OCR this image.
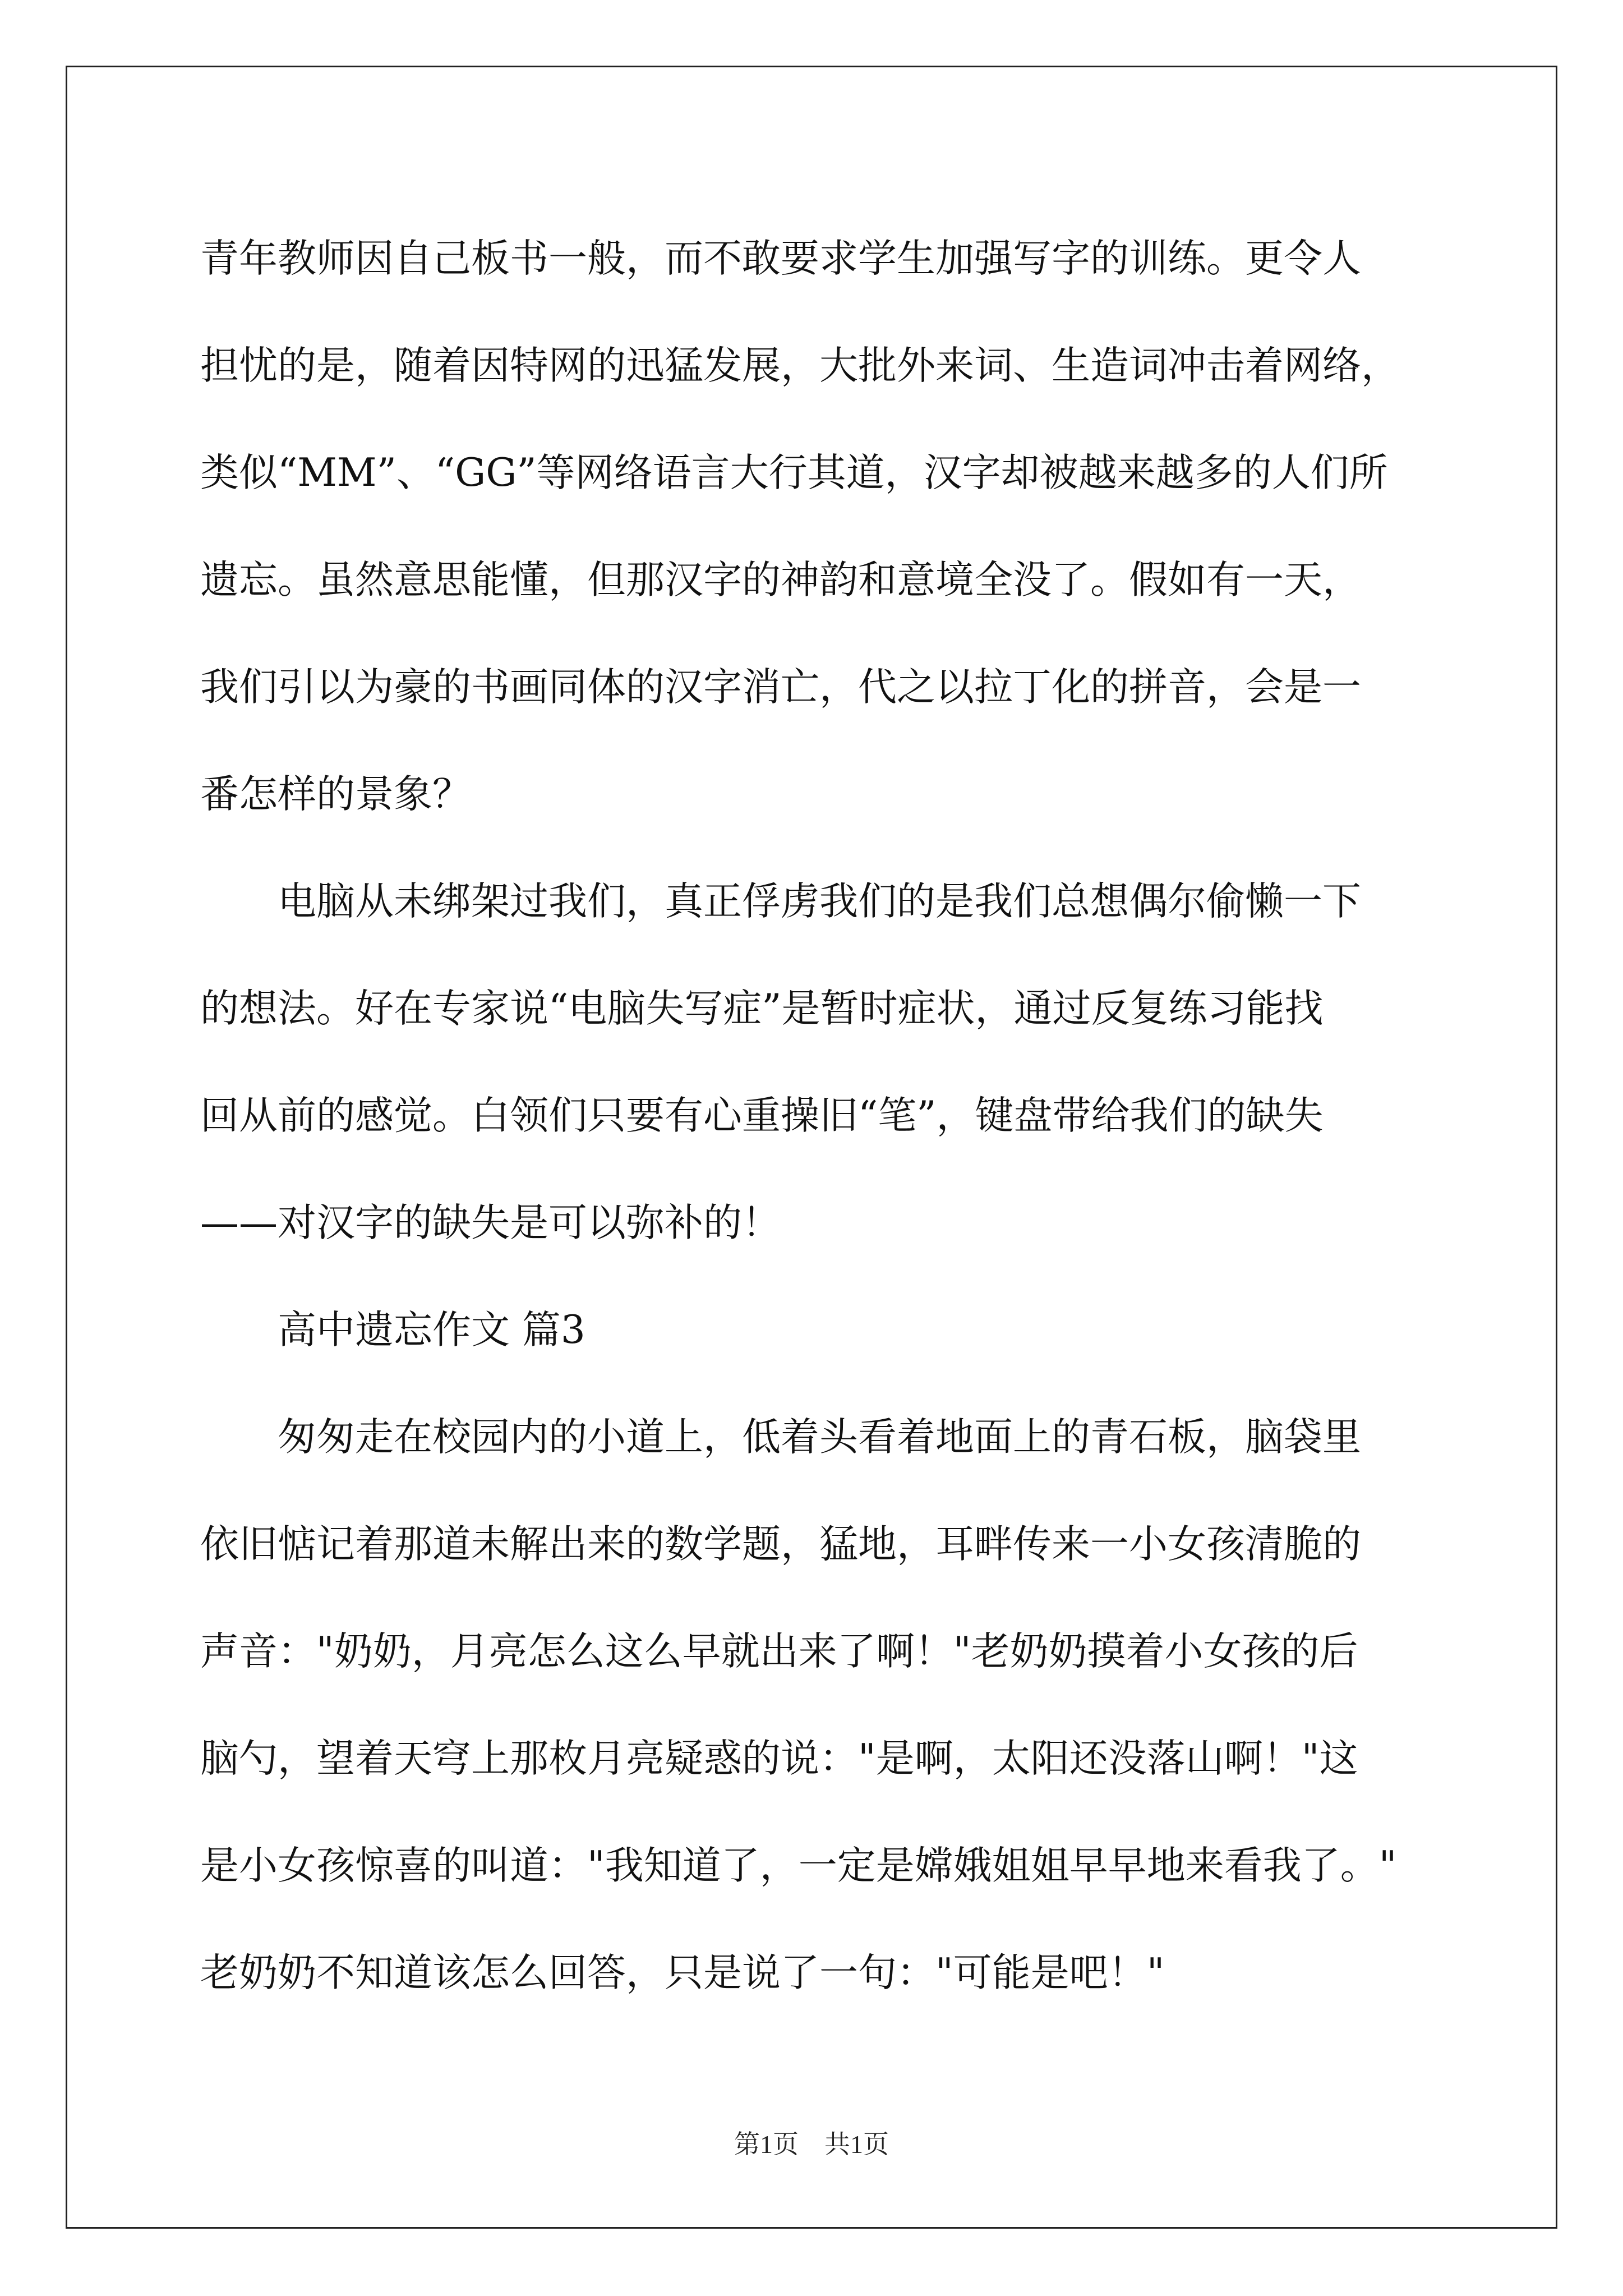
青年教师因自己板书一般，而不敢要求学生加强写字的训练。更令人
担忧的是，随着因特网的迅猛发展，大批外来词、生造词冲击着网络，
类似“MM”、“GG”等网络语言大行其道，汉字却被越来越多的人们所
遗忘。虽然意思能懂，但那汉字的神韵和意境全没了。假如有一天，
我们引以为豪的书画同体的汉字消亡，代之以拉丁化的拼音，会是一
番怎样的景象？
　　电脑从未绑架过我们，真正俘虏我们的是我们总想偶尔偷懒一下
的想法。好在专家说“电脑失写症”是暂时症状，通过反复练习能找
回从前的感觉。白领们只要有心重操旧“笔”，键盘带给我们的缺失
——对汉字的缺失是可以弥补的！
　　高中遗忘作文 篇3
　　匆匆走在校园内的小道上，低着头看着地面上的青石板，脑袋里
依旧惦记着那道未解出来的数学题，猛地，耳畔传来一小女孩清脆的
声音："奶奶，月亮怎么这么早就出来了啊！"老奶奶摸着小女孩的后
脑勺，望着天穹上那枚月亮疑惑的说："是啊，太阳还没落山啊！"这
是小女孩惊喜的叫道："我知道了，一定是嫦娥姐姐早早地来看我了。"
老奶奶不知道该怎么回答，只是说了一句："可能是吧！"
第1页　共1页
